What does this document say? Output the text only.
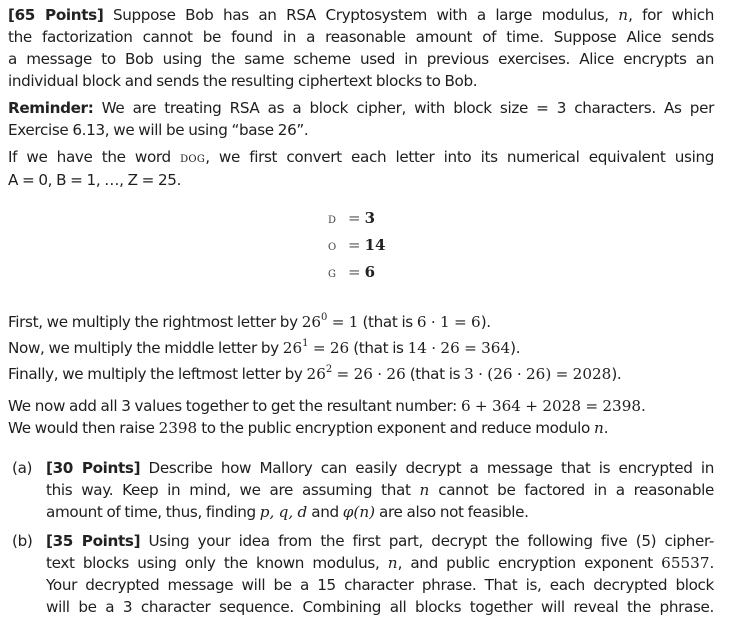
[65 Points] Suppose Bob has an RSA Cryptosystem with a large modulus, n, for which
the factorization cannot be found in a reasonable amount of time. Suppose Alice sends
a message to Bob using the same scheme used in previous exercises. Alice encrypts an
individual block and sends the resulting ciphertext blocks to Bob.
Reminder: We are treating RSA as a block cipher, with block size = 3 characters. As per
Exercise 6.13, we will be using “base 26”.
If we have the word dog, we first convert each letter into its numerical equivalent using
A = 0, B = 1, …, Z = 25.
d = 3
o = 14
g = 6
First, we multiply the rightmost letter by $26^0 = 1$ (that is 6 · 1 = 6).
Now, we multiply the middle letter by $26^1 = 26$ (that is 14 · 26 = 364).
Finally, we multiply the leftmost letter by $26^2 = 26 \cdot 26$ (that is 3 · (26 · 26) = 2028).
We now add all 3 values together to get the resultant number: 6 + 364 + 2028 = 2398.
We would then raise 2398 to the public encryption exponent and reduce modulo n.
(a) [30 Points] Describe how Mallory can easily decrypt a message that is encrypted in
this way. Keep in mind, we are assuming that n cannot be factored in a reasonable
amount of time, thus, finding p, q, d and φ(n) are also not feasible.
(b) [35 Points] Using your idea from the first part, decrypt the following five (5) cipher-
text blocks using only the known modulus, n, and public encryption exponent 65537.
Your decrypted message will be a 15 character phrase. That is, each decrypted block
will be a 3 character sequence. Combining all blocks together will reveal the phrase.
